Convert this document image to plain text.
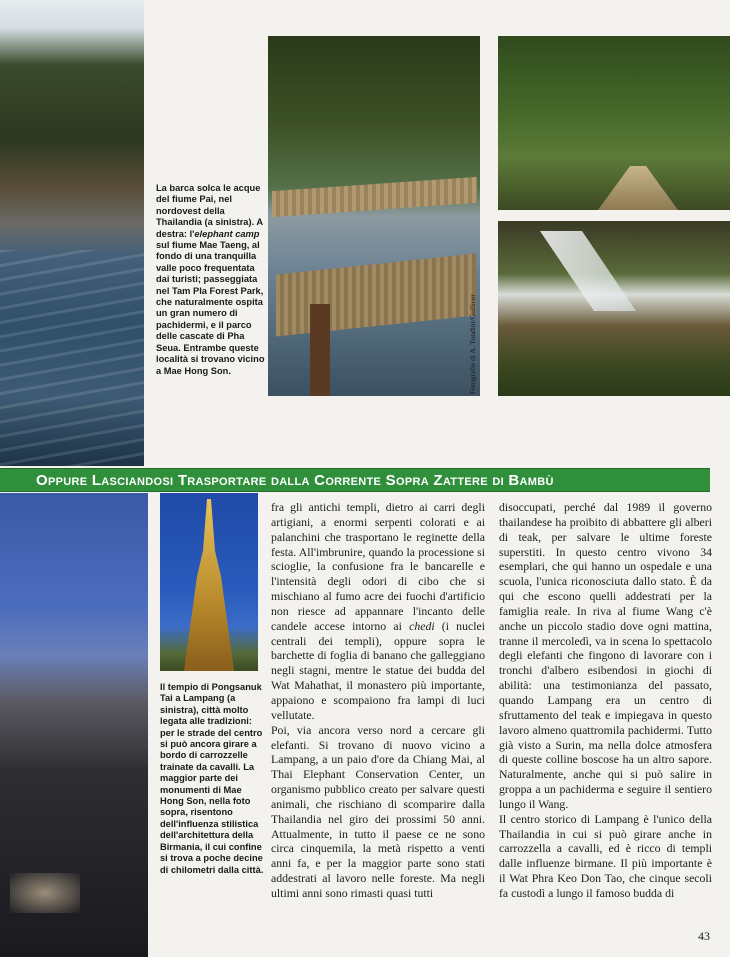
Fotografie di A. Tondini/Gulliver

La barca solca le acque del fiume Pai, nel nordovest della Thailandia (a sinistra). A destra: l'elephant camp sul fiume Mae Taeng, al fondo di una tranquilla valle poco frequentata dai turisti; passeggiata nel Tam Pla Forest Park, che naturalmente ospita un gran numero di pachidermi, e il parco delle cascate di Pha Seua. Entrambe queste località si trovano vicino a Mae Hong Son.

Oppure Lasciandosi Trasportare dalla Corrente Sopra Zattere di Bambù

Il tempio di Pongsanuk Tai a Lampang (a sinistra), città molto legata alle tradizioni: per le strade del centro si può ancora girare a bordo di carrozzelle trainate da cavalli. La maggior parte dei monumenti di Mae Hong Son, nella foto sopra, risentono dell'influenza stilistica dell'architettura della Birmania, il cui confine si trova a poche decine di chilometri dalla città.

fra gli antichi templi, dietro ai carri degli artigiani, a enormi serpenti colorati e ai palanchini che trasportano le reginette della festa. All'imbrunire, quando la processione si scioglie, la confusione fra le bancarelle e l'intensità degli odori di cibo che si mischiano al fumo acre dei fuochi d'artificio non riesce ad appannare l'incanto delle candele accese intorno ai chedi (i nuclei centrali dei templi), oppure sopra le barchette di foglia di banano che galleggiano negli stagni, mentre le statue dei budda del Wat Mahathat, il monastero più importante, appaiono e scompaiono fra lampi di luci vellutate.

Poi, via ancora verso nord a cercare gli elefanti. Si trovano di nuovo vicino a Lampang, a un paio d'ore da Chiang Mai, al Thai Elephant Conservation Center, un organismo pubblico creato per salvare questi animali, che rischiano di scomparire dalla Thailandia nel giro dei prossimi 50 anni. Attualmente, in tutto il paese ce ne sono circa cinquemila, la metà rispetto a venti anni fa, e per la maggior parte sono stati addestrati al lavoro nelle foreste. Ma negli ultimi anni sono rimasti quasi tutti

disoccupati, perché dal 1989 il governo thailandese ha proibito di abbattere gli alberi di teak, per salvare le ultime foreste superstiti. In questo centro vivono 34 esemplari, che qui hanno un ospedale e una scuola, l'unica riconosciuta dallo stato. È da qui che escono quelli addestrati per la famiglia reale. In riva al fiume Wang c'è anche un piccolo stadio dove ogni mattina, tranne il mercoledì, va in scena lo spettacolo degli elefanti che fingono di lavorare con i tronchi d'albero esibendosi in giochi di abilità: una testimonianza del passato, quando Lampang era un centro di sfruttamento del teak e impiegava in questo lavoro almeno quattromila pachidermi. Tutto già visto a Surin, ma nella dolce atmosfera di queste colline boscose ha un altro sapore. Naturalmente, anche qui si può salire in groppa a un pachiderma e seguire il sentiero lungo il Wang.

Il centro storico di Lampang è l'unico della Thailandia in cui si può girare anche in carrozzella a cavalli, ed è ricco di templi dalle influenze birmane. Il più importante è il Wat Phra Keo Don Tao, che cinque secoli fa custodì a lungo il famoso budda di

43
